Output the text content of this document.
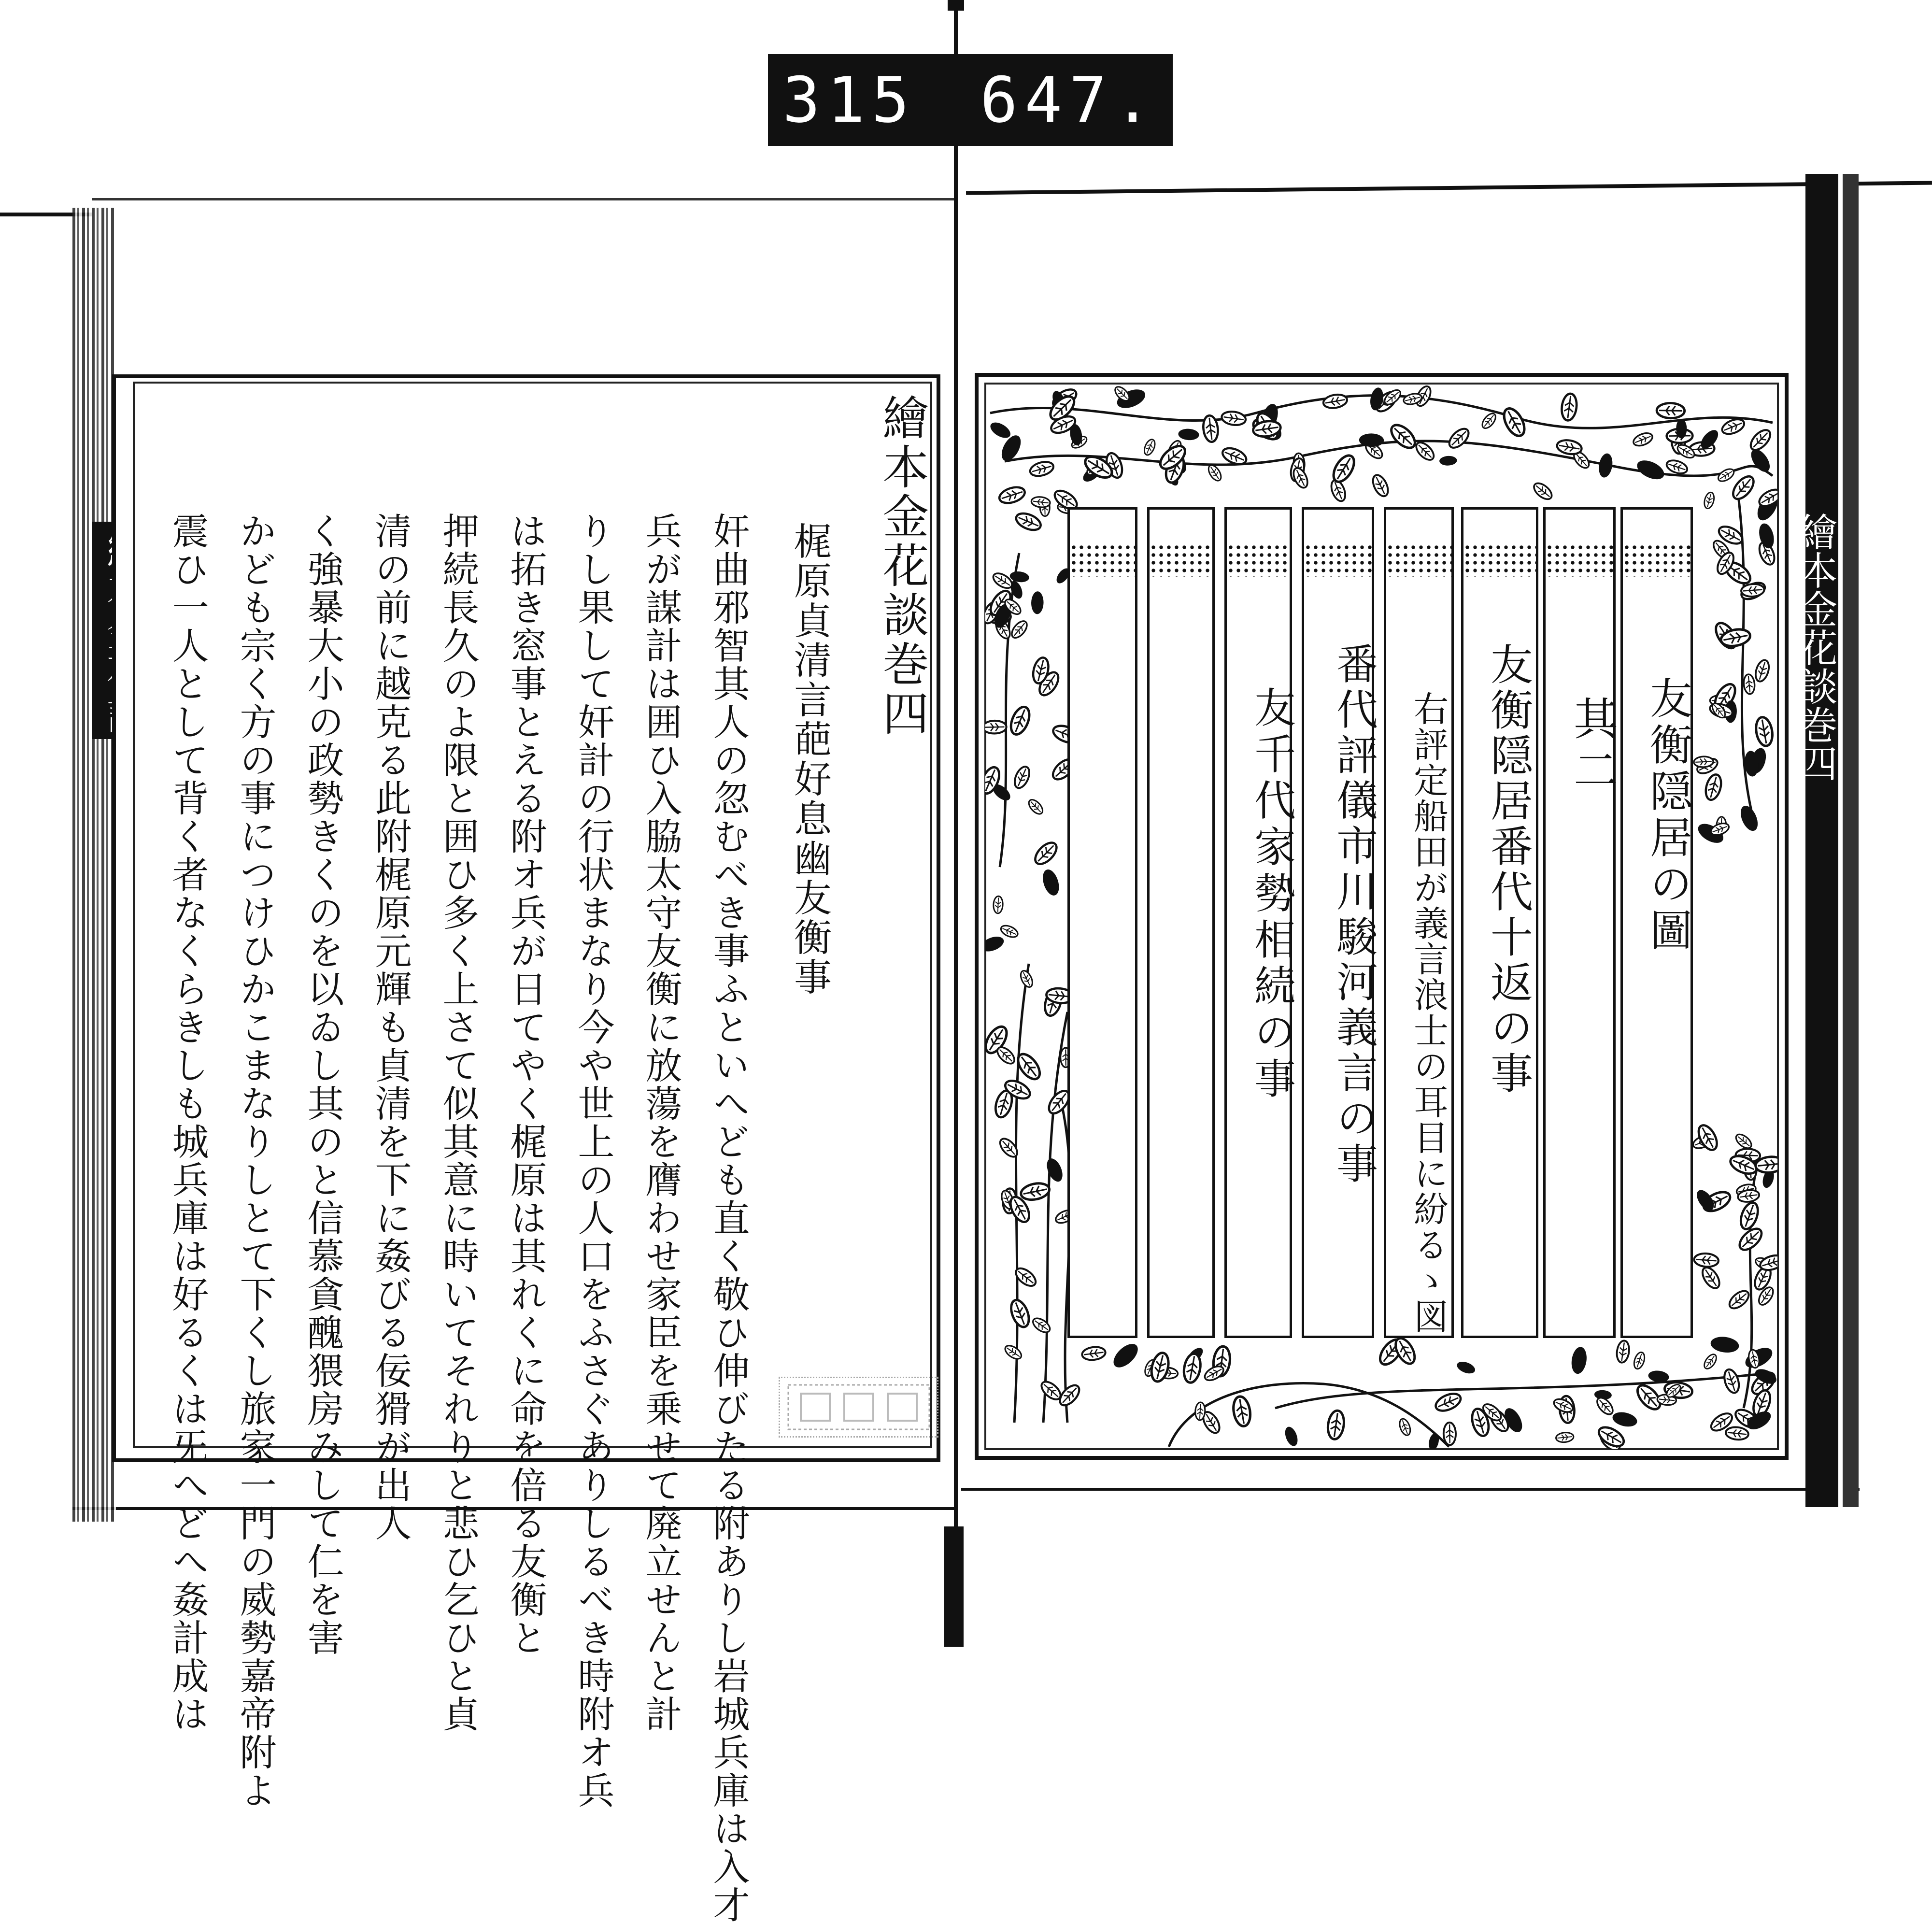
315 647.
繪本金花談巻四
梶原貞清言葩好息幽友衡事
奸曲邪智其人の忽むべき事ふといへども直く敬ひ伸びたる附ありし岩城兵庫は入才
兵が謀計は囲ひ入脇太守友衡に放蕩を膺わせ家臣を乗せて廃立せんと計
りし果して奸計の行状まなり今や世上の人口をふさぐありしるべき時附オ兵
は拓き窓事とえる附オ兵が日てやく梶原は其れくに命を倍る友衡と
押続長久のよ限と囲ひ多く上さて似其意に時いてそれりと悲ひ乞ひと貞
清の前に越克る此附梶原元輝も貞清を下に姦びる佞猾が出人
く強暴大小の政勢きくのを以ゐし其のと信慕貪醜猥房みして仁を害
かども宗く方の事につけひかこまなりしとて下くし旅家一門の威勢嘉帝附よ
震ひ一人として背く者なくらきしも城兵庫は好るくは旡へどへ姦計成は	繪本金花談巻四
友衡隠居の圖
其二
友衡隠居番代十返の事
右評定船田が義言浪士の耳目に紛るゝ図
番代評儀市川駿河義言の事
友千代家勢相続の事
